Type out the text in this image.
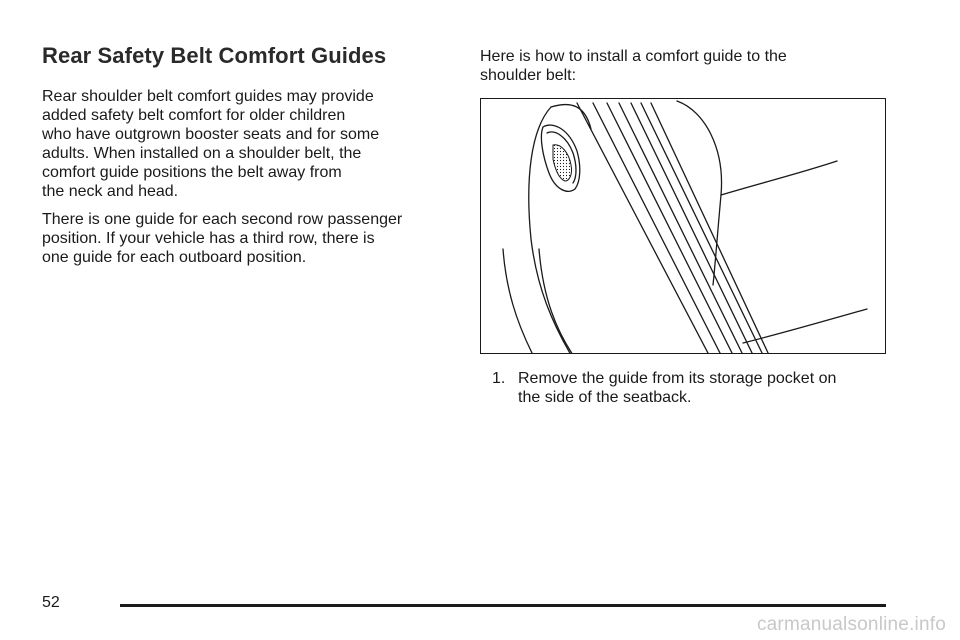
Rear Safety Belt Comfort Guides

Rear shoulder belt comfort guides may provide
added safety belt comfort for older children
who have outgrown booster seats and for some
adults. When installed on a shoulder belt, the
comfort guide positions the belt away from
the neck and head.

There is one guide for each second row passenger
position. If your vehicle has a third row, there is
one guide for each outboard position.

Here is how to install a comfort guide to the
shoulder belt:

1. Remove the guide from its storage pocket on
the side of the seatback.
52
carmanualsonline.info
